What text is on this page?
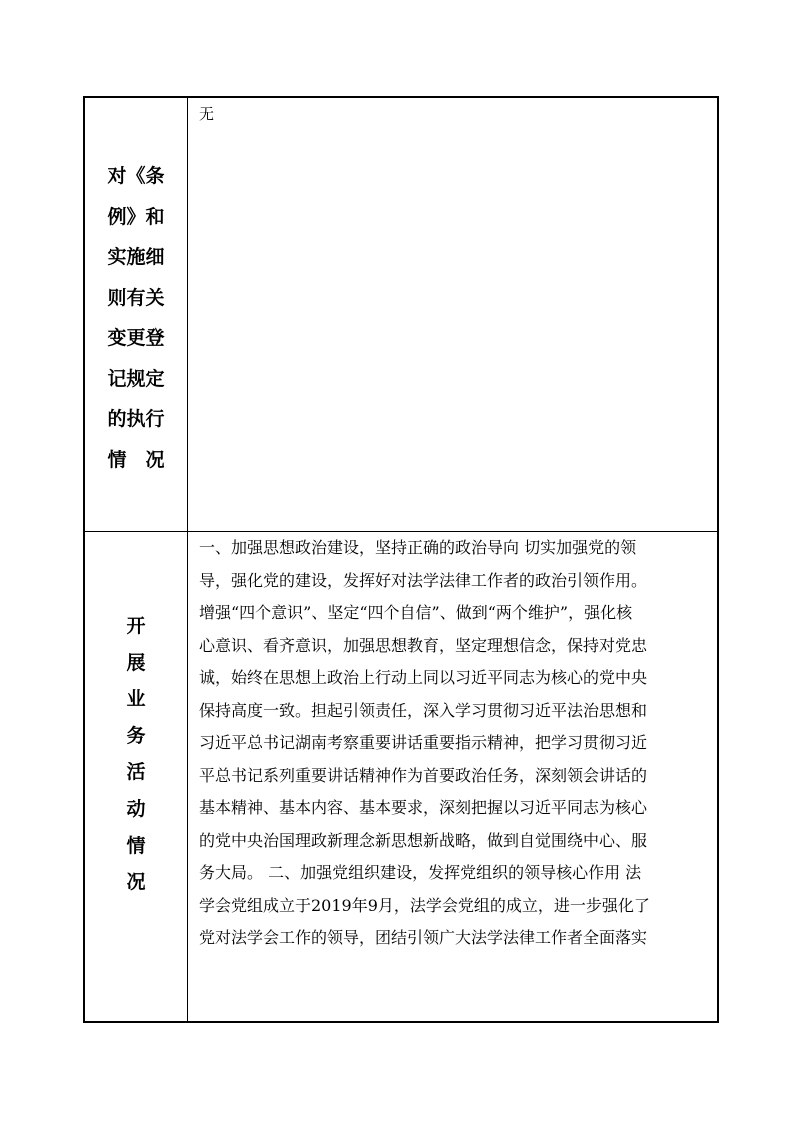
对《条
例》和
实施细
则有关
变更登
记规定
的执行
情　况
无
开
展
业
务
活
动
情
况
一、加强思想政治建设，坚持正确的政治导向 切实加强党的领
导，强化党的建设，发挥好对法学法律工作者的政治引领作用。
增强“四个意识”、坚定“四个自信”、做到“两个维护”，强化核
心意识、看齐意识，加强思想教育，坚定理想信念，保持对党忠
诚，始终在思想上政治上行动上同以习近平同志为核心的党中央
保持高度一致。担起引领责任，深入学习贯彻习近平法治思想和
习近平总书记湖南考察重要讲话重要指示精神，把学习贯彻习近
平总书记系列重要讲话精神作为首要政治任务，深刻领会讲话的
基本精神、基本内容、基本要求，深刻把握以习近平同志为核心
的党中央治国理政新理念新思想新战略，做到自觉围绕中心、服
务大局。 二、加强党组织建设，发挥党组织的领导核心作用 法
学会党组成立于2019年9月，法学会党组的成立，进一步强化了
党对法学会工作的领导，团结引领广大法学法律工作者全面落实
